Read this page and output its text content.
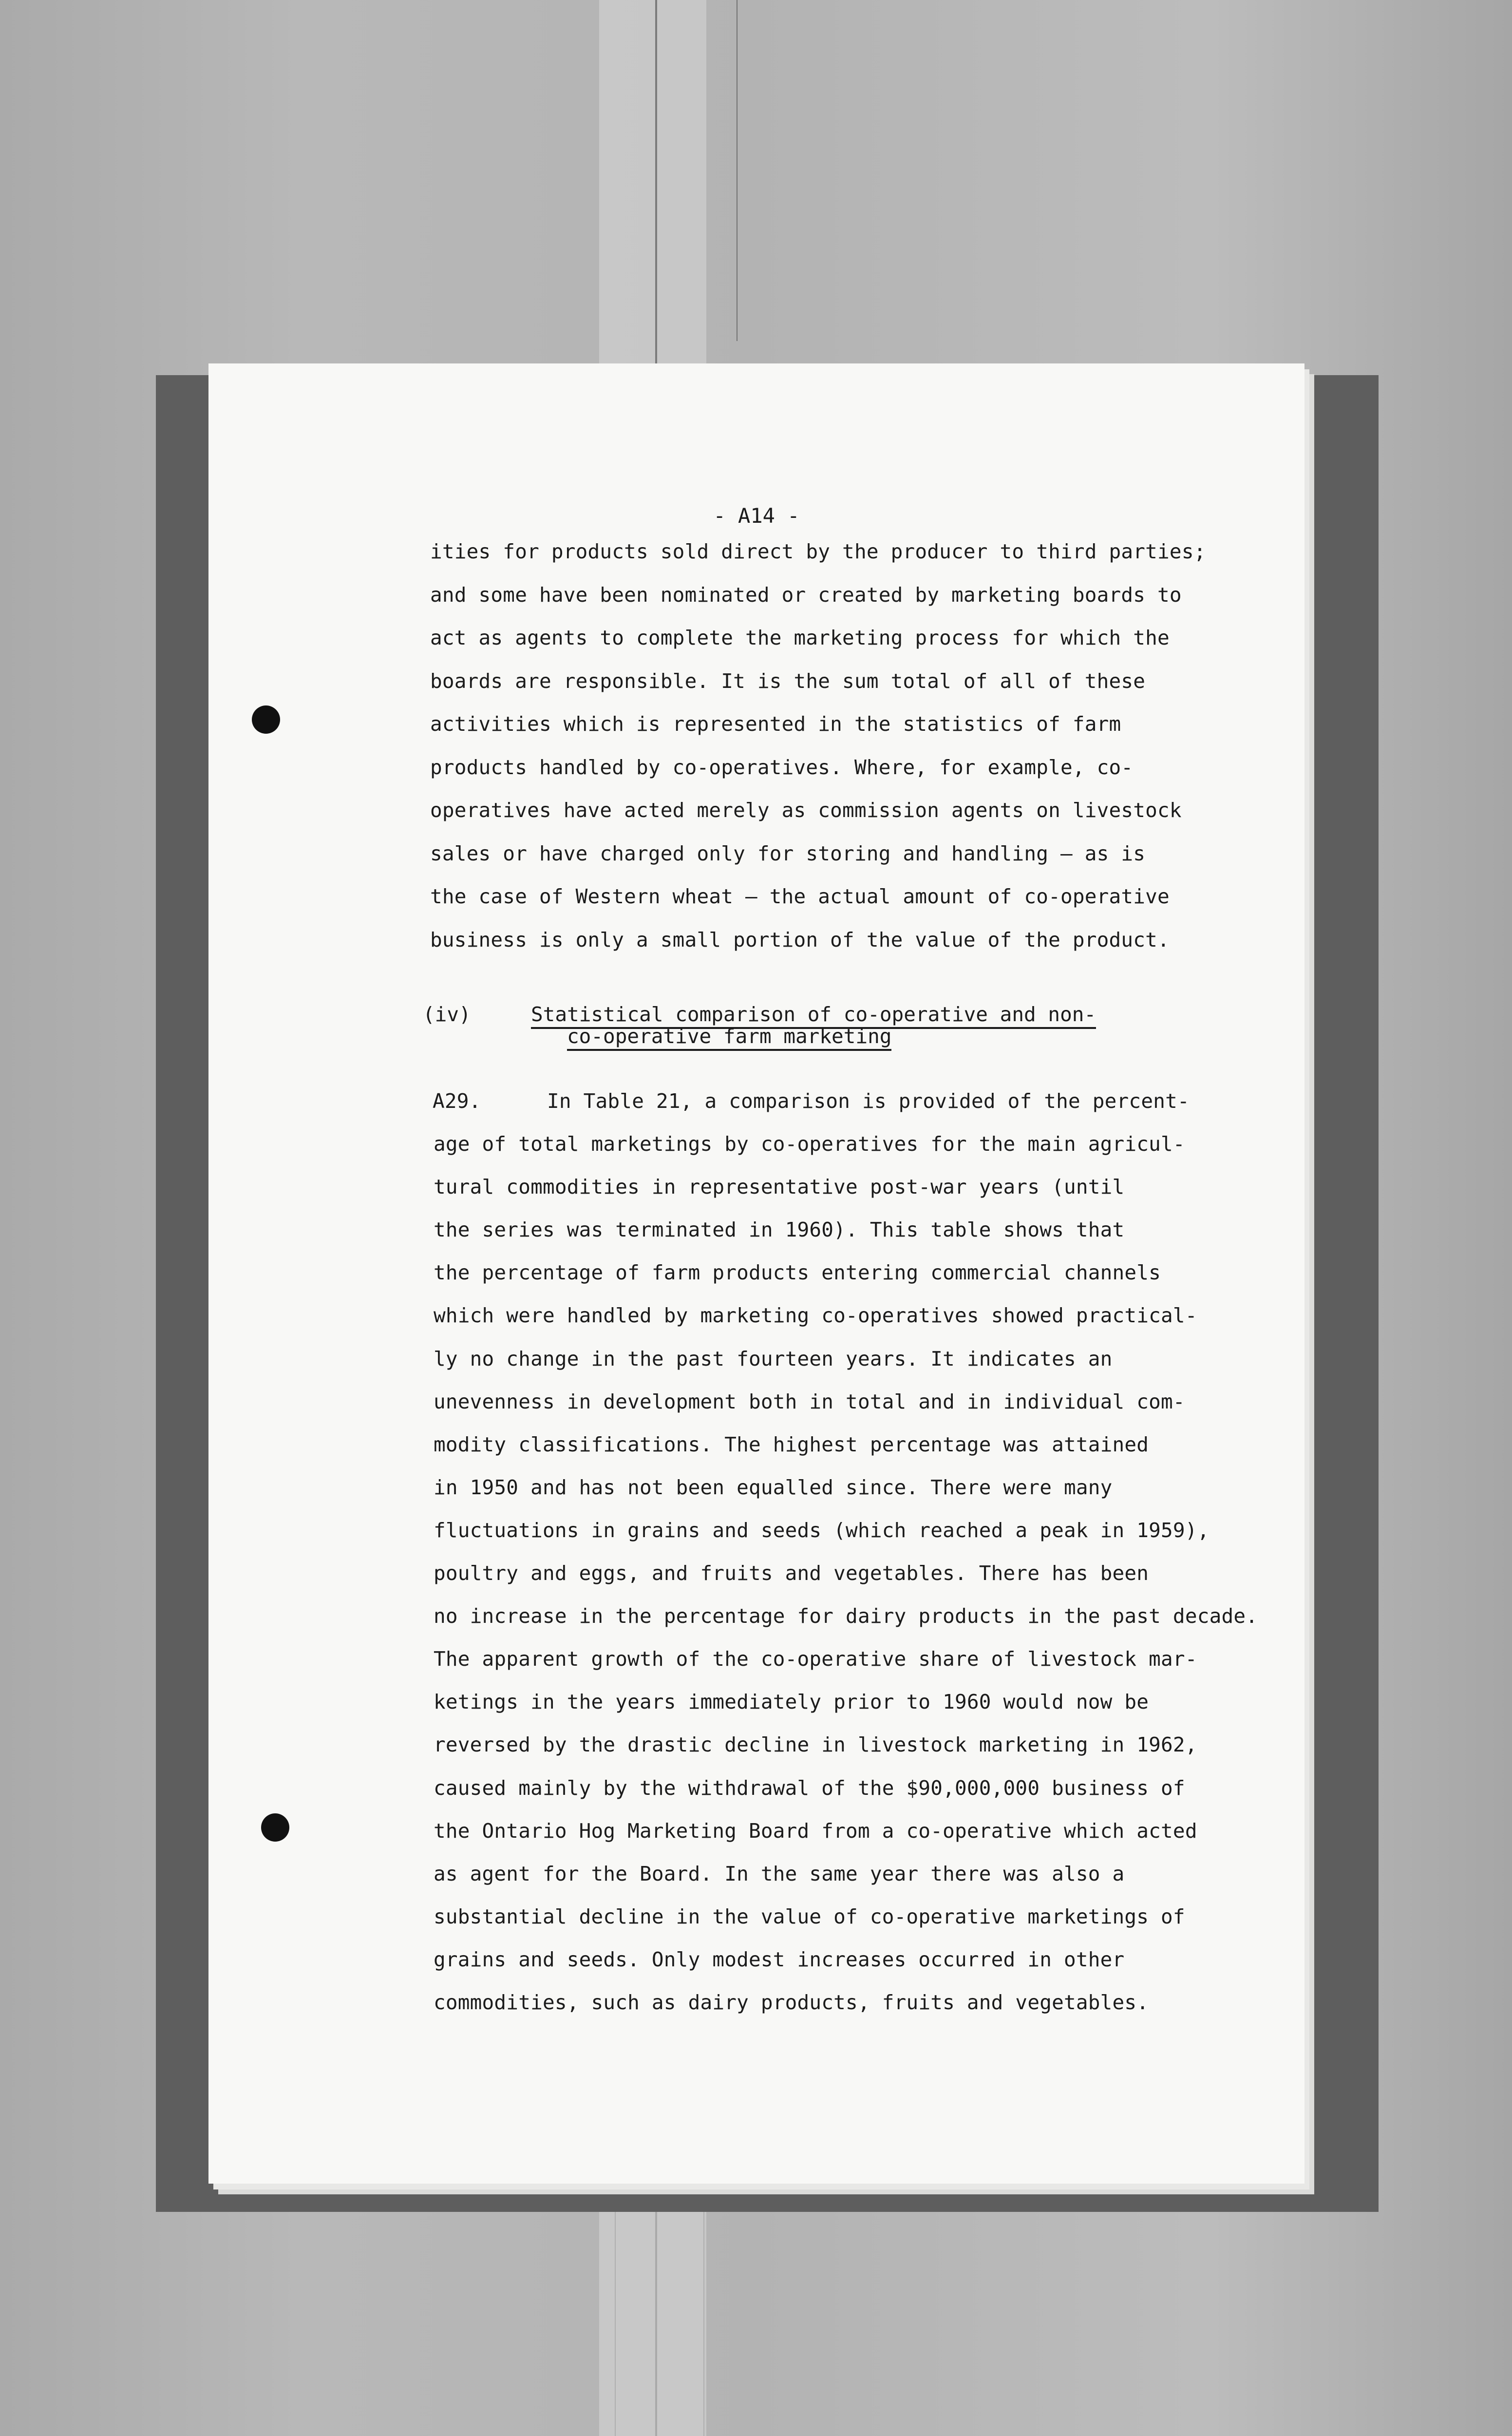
- A14 -
ities for products sold direct by the producer to third parties;
and some have been nominated or created by marketing boards to
act as agents to complete the marketing process for which the
boards are responsible. It is the sum total of all of these
activities which is represented in the statistics of farm
products handled by co-operatives. Where, for example, co-
operatives have acted merely as commission agents on livestock
sales or have charged only for storing and handling — as is
the case of Western wheat — the actual amount of co-operative
business is only a small portion of the value of the product.
(iv)	Statistical comparison of co-operative and non-
co-operative farm marketing
A29.	In Table 21, a comparison is provided of the percent-
age of total marketings by co-operatives for the main agricul-
tural commodities in representative post-war years (until
the series was terminated in 1960). This table shows that
the percentage of farm products entering commercial channels
which were handled by marketing co-operatives showed practical-
ly no change in the past fourteen years. It indicates an
unevenness in development both in total and in individual com-
modity classifications. The highest percentage was attained
in 1950 and has not been equalled since. There were many
fluctuations in grains and seeds (which reached a peak in 1959),
poultry and eggs, and fruits and vegetables. There has been
no increase in the percentage for dairy products in the past decade.
The apparent growth of the co-operative share of livestock mar-
ketings in the years immediately prior to 1960 would now be
reversed by the drastic decline in livestock marketing in 1962,
caused mainly by the withdrawal of the $90,000,000 business of
the Ontario Hog Marketing Board from a co-operative which acted
as agent for the Board. In the same year there was also a
substantial decline in the value of co-operative marketings of
grains and seeds. Only modest increases occurred in other
commodities, such as dairy products, fruits and vegetables.
